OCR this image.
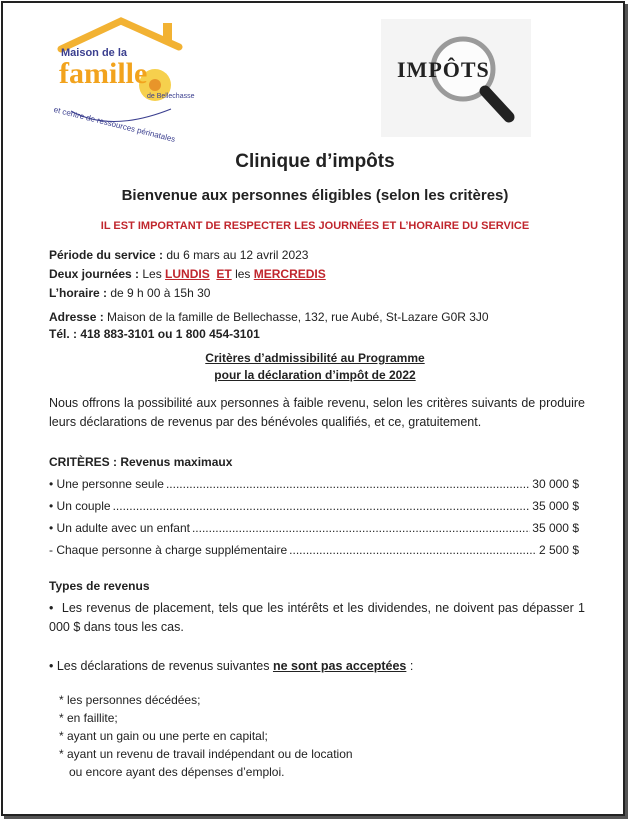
Maison de la
famille
de Bellechasse
et centre de ressources périnatales
IMPÔTS
Clinique d’impôts
Bienvenue aux personnes éligibles (selon les critères)
IL EST IMPORTANT DE RESPECTER LES JOURNÉES ET L’HORAIRE DU SERVICE
Période du service : du 6 mars au 12 avril 2023
Deux journées : Les LUNDIS ET les MERCREDIS
L’horaire : de 9 h 00 à 15h 30
Adresse : Maison de la famille de Bellechasse, 132, rue Aubé, St-Lazare G0R 3J0
Tél. : 418 883-3101 ou 1 800 454-3101
Critères d’admissibilité au Programme
pour la déclaration d’impôt de 2022
Nous offrons la possibilité aux personnes à faible revenu, selon les critères suivants de produire leurs déclarations de revenus par des bénévoles qualifiés, et ce, gratuitement.
CRITÈRES : Revenus maximaux
• Une personne seule .....	30 000 $
• Un couple .....	35 000 $
• Un adulte avec un enfant .....	35 000 $
- Chaque personne à charge supplémentaire .....	2 500 $
Types de revenus
•  Les revenus de placement, tels que les intérêts et les dividendes, ne doivent pas dépasser 1 000 $ dans tous les cas.
• Les déclarations de revenus suivantes ne sont pas acceptées :
* les personnes décédées;
* en faillite;
* ayant un gain ou une perte en capital;
* ayant un revenu de travail indépendant ou de location
ou encore ayant des dépenses d’emploi.
